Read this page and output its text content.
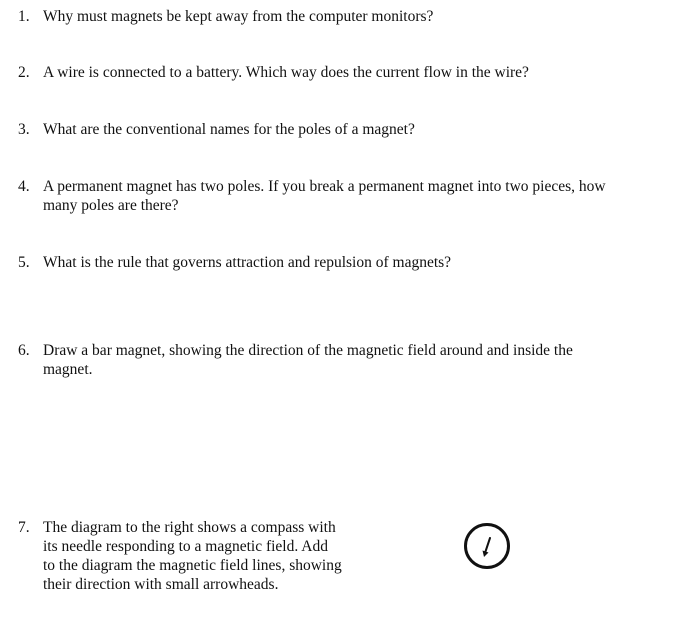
1. Why must magnets be kept away from the computer monitors?
2. A wire is connected to a battery. Which way does the current flow in the wire?
3. What are the conventional names for the poles of a magnet?
4. A permanent magnet has two poles. If you break a permanent magnet into two pieces, how
many poles are there?
5. What is the rule that governs attraction and repulsion of magnets?
6. Draw a bar magnet, showing the direction of the magnetic field around and inside the
magnet.
7. The diagram to the right shows a compass with
its needle responding to a magnetic field. Add
to the diagram the magnetic field lines, showing
their direction with small arrowheads.
